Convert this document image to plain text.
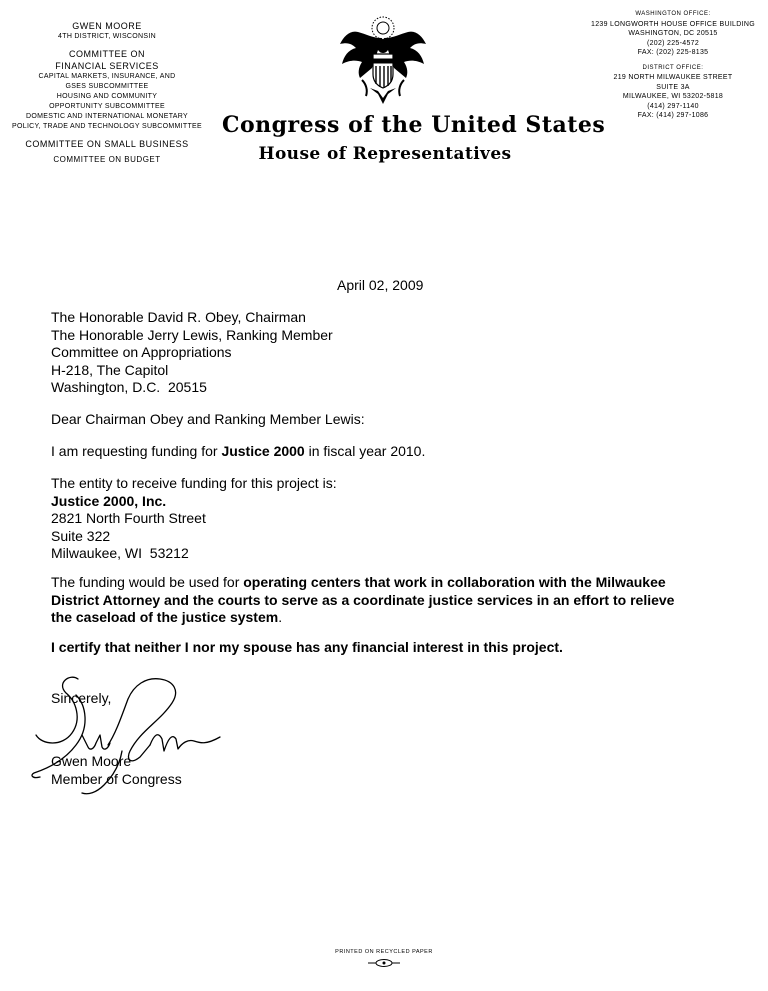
GWEN MOORE
4TH DISTRICT, WISCONSIN
COMMITTEE ON
FINANCIAL SERVICES
CAPITAL MARKETS, INSURANCE, AND
GSES SUBCOMMITTEE
HOUSING AND COMMUNITY
OPPORTUNITY SUBCOMMITTEE
DOMESTIC AND INTERNATIONAL MONETARY
POLICY, TRADE AND TECHNOLOGY SUBCOMMITTEE
COMMITTEE ON SMALL BUSINESS
COMMITTEE ON BUDGET
WASHINGTON OFFICE:
1239 LONGWORTH HOUSE OFFICE BUILDING
WASHINGTON, DC 20515
(202) 225-4572
FAX: (202) 225-8135
DISTRICT OFFICE:
219 NORTH MILWAUKEE STREET
SUITE 3A
MILWAUKEE, WI 53202-5818
(414) 297-1140
FAX: (414) 297-1086
Congress of the United States
House of Representatives
April 02, 2009

The Honorable David R. Obey, Chairman

The Honorable Jerry Lewis, Ranking Member

Committee on Appropriations

H-218, The Capitol

Washington, D.C.  20515

Dear Chairman Obey and Ranking Member Lewis:

I am requesting funding for Justice 2000 in fiscal year 2010.

The entity to receive funding for this project is:

Justice 2000, Inc.

2821 North Fourth Street

Suite 322

Milwaukee, WI  53212

The funding would be used for operating centers that work in collaboration with the Milwaukee

District Attorney and the courts to serve as a coordinate justice services in an effort to relieve

the caseload of the justice system.

I certify that neither I nor my spouse has any financial interest in this project.

Sincerely,

Gwen Moore

Member of Congress

PRINTED ON RECYCLED PAPER
